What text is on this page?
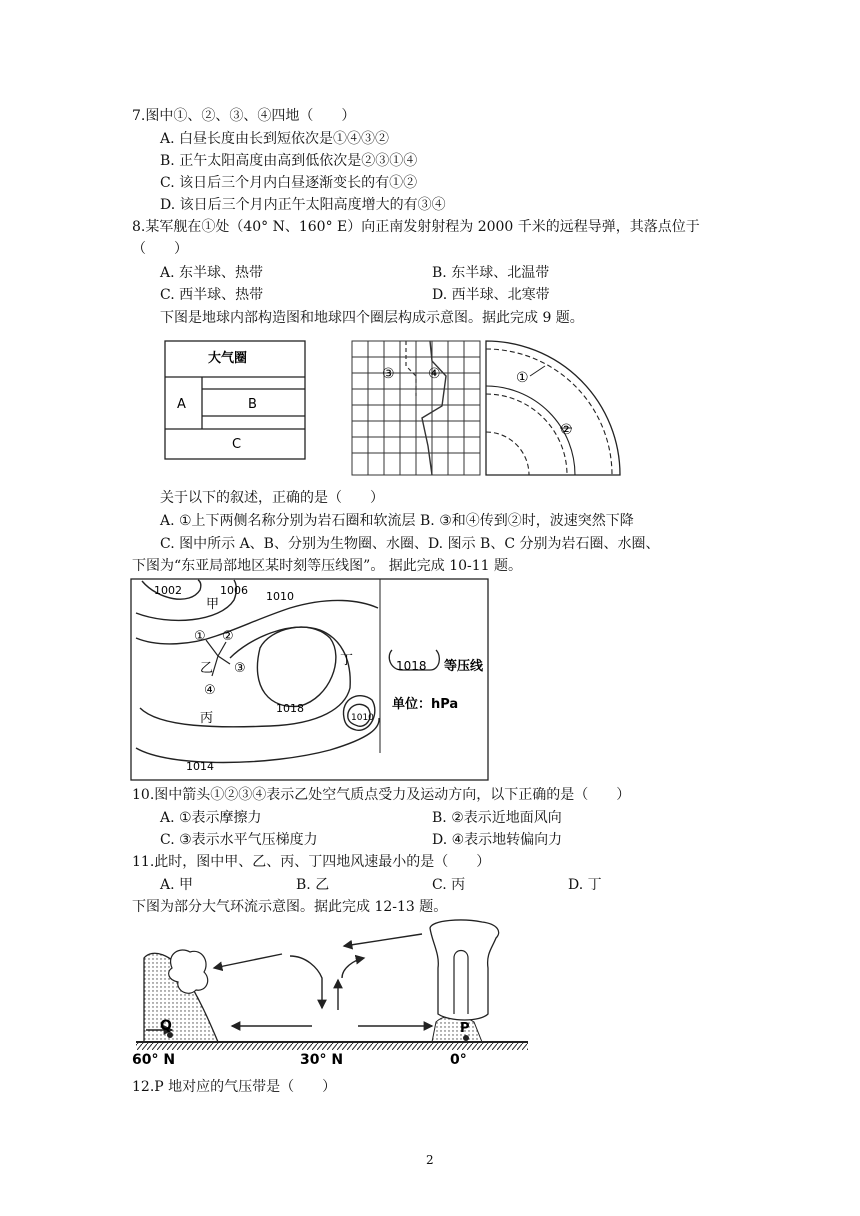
7.图中①、②、③、④四地（　　）
A. 白昼长度由长到短依次是①④③②
B. 正午太阳高度由高到低依次是②③①④
C. 该日后三个月内白昼逐渐变长的有①②
D. 该日后三个月内正午太阳高度增大的有③④
8.某军舰在①处（40° N、160° E）向正南发射射程为 2000 千米的远程导弹，其落点位于
（　　）
A. 东半球、热带	B. 东半球、北温带
C. 西半球、热带	D. 西半球、北寒带
下图是地球内部构造图和地球四个圈层构成示意图。据此完成 9 题。
大气圈
A	B
C
③ ④	①
②
关于以下的叙述，正确的是（　　）
A. ①上下两侧名称分别为岩石圈和软流层 B. ③和④传到②时，波速突然下降
C. 图中所示 A、B、分别为生物圈、水圈、D. 图示 B、C 分别为岩石圈、水圈、
下图为“东亚局部地区某时刻等压线图”。 据此完成 10-11 题。
1002	1006 1010
1018
1010
1014
甲
乙
丙
丁
① ②
③
④
1018 等压线
单位：hPa
10.图中箭头①②③④表示乙处空气质点受力及运动方向，以下正确的是（　　）
A. ①表示摩擦力	B. ②表示近地面风向
C. ③表示水平气压梯度力	D. ④表示地转偏向力
11.此时，图中甲、乙、丙、丁四地风速最小的是（　　）
A. 甲	B. 乙	C. 丙	D. 丁
下图为部分大气环流示意图。据此完成 12-13 题。
Q	P
60° N	30° N	0°
12.P 地对应的气压带是（　　）
2
